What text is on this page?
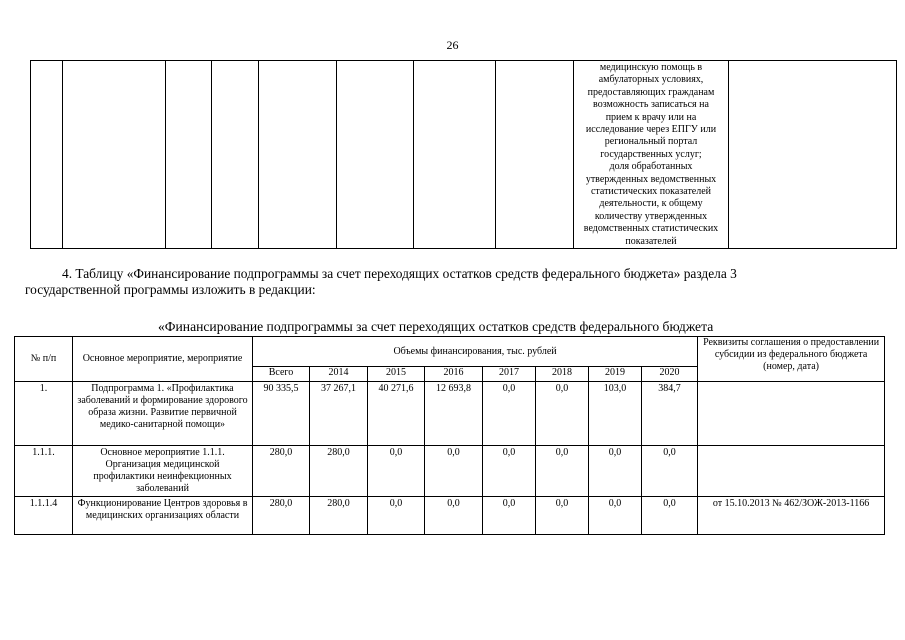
26

медицинскую помощь в
амбулаторных условиях,
предоставляющих гражданам
возможность записаться на
прием к врачу или на
исследование через ЕПГУ или
региональный портал
государственных услуг;
доля обработанных
утвержденных ведомственных
статистических показателей
деятельности, к общему
количеству утвержденных
ведомственных статистических
показателей

4. Таблицу «Финансирование подпрограммы за счет переходящих остатков средств федерального бюджета» раздела 3
государственной программы изложить в редакции:

«Финансирование подпрограммы за счет переходящих остатков средств федерального бюджета
№ п/п	Основное мероприятие, мероприятие	Объемы финансирования, тыс. рублей								Реквизиты соглашения о предоставлении субсидии из федерального бюджета (номер, дата)
		Всего	2014	2015	2016	2017	2018	2019	2020	
1.	Подпрограмма 1. «Профилактика заболеваний и формирование здорового образа жизни. Развитие первичной медико-санитарной помощи»	90 335,5	37 267,1	40 271,6	12 693,8	0,0	0,0	103,0	384,7	
1.1.1.	Основное мероприятие 1.1.1. Организация медицинской профилактики неинфекционных заболеваний	280,0	280,0	0,0	0,0	0,0	0,0	0,0	0,0	
1.1.1.4	Функционирование Центров здоровья в медицинских организациях области	280,0	280,0	0,0	0,0	0,0	0,0	0,0	0,0	от 15.10.2013 № 462/ЗОЖ-2013-1166
